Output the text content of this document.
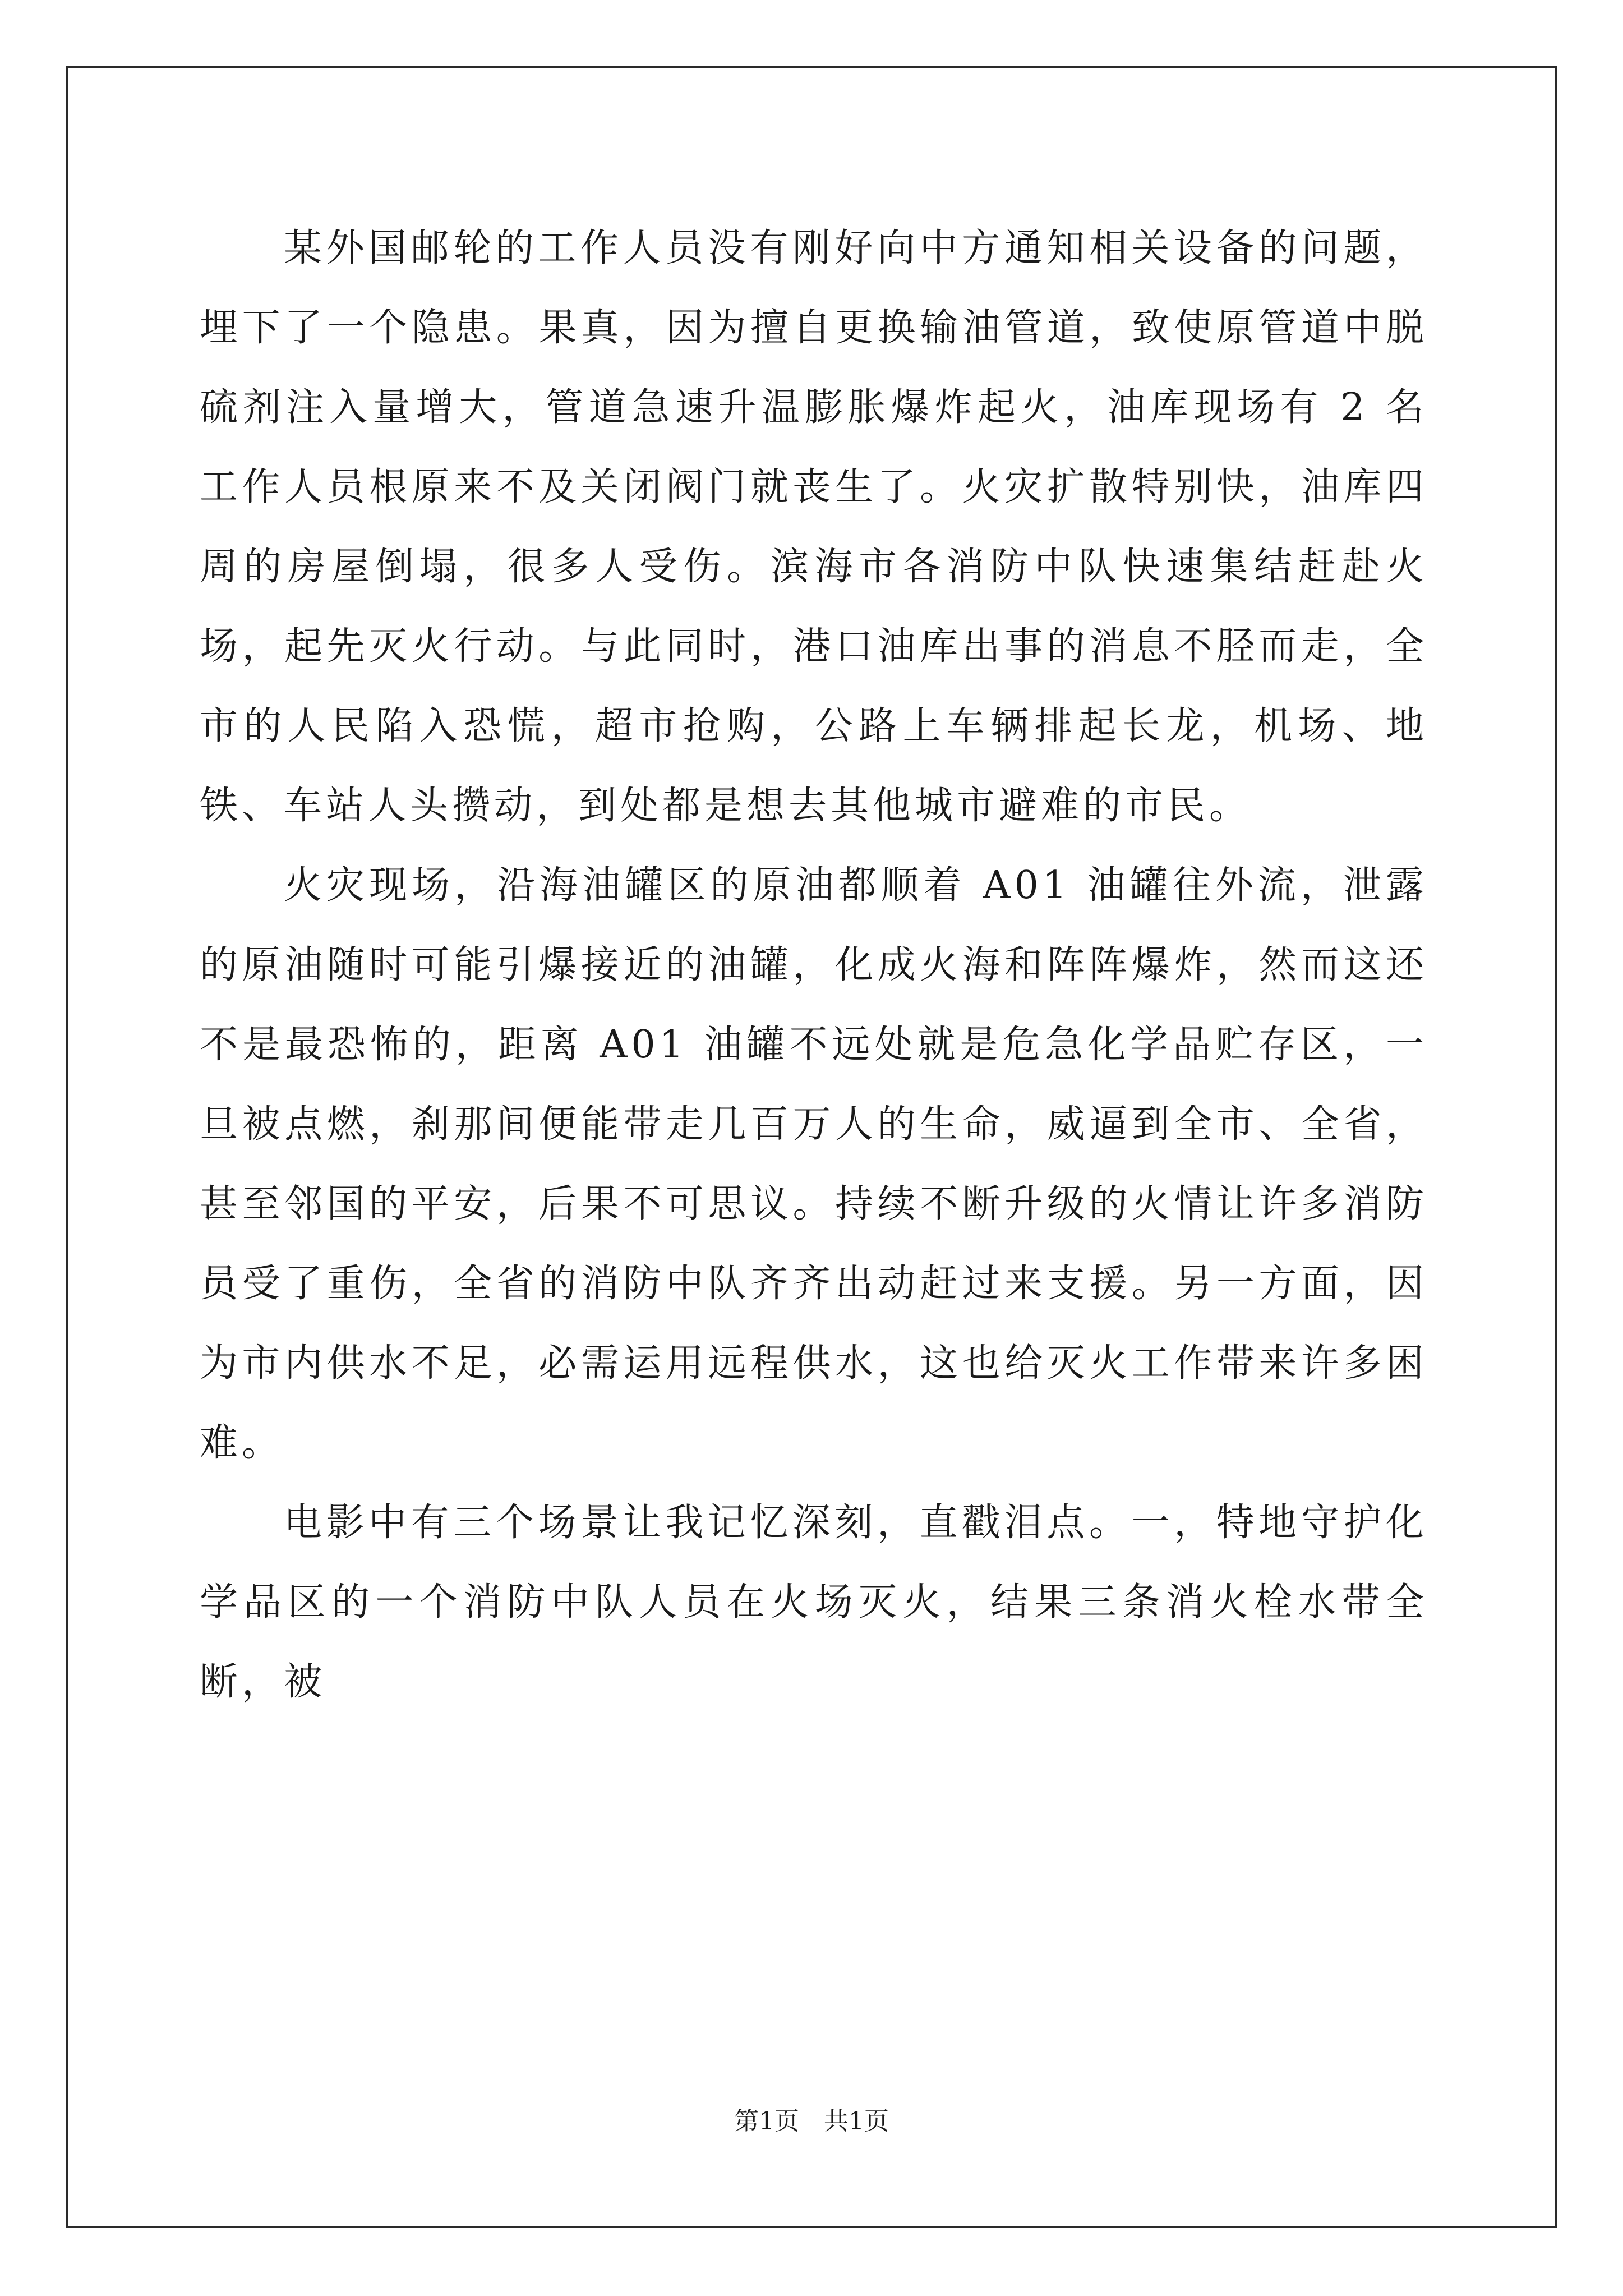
某外国邮轮的工作人员没有刚好向中方通知相关设备的问题，埋下了一个隐患。果真，因为擅自更换输油管道，致使原管道中脱硫剂注入量增大，管道急速升温膨胀爆炸起火，油库现场有 2 名工作人员根原来不及关闭阀门就丧生了。火灾扩散特别快，油库四周的房屋倒塌，很多人受伤。滨海市各消防中队快速集结赶赴火场，起先灭火行动。与此同时，港口油库出事的消息不胫而走，全市的人民陷入恐慌，超市抢购，公路上车辆排起长龙，机场、地铁、车站人头攒动，到处都是想去其他城市避难的市民。

火灾现场，沿海油罐区的原油都顺着 A01 油罐往外流，泄露的原油随时可能引爆接近的油罐，化成火海和阵阵爆炸，然而这还不是最恐怖的，距离 A01 油罐不远处就是危急化学品贮存区，一旦被点燃，刹那间便能带走几百万人的生命，威逼到全市、全省，甚至邻国的平安，后果不可思议。持续不断升级的火情让许多消防员受了重伤，全省的消防中队齐齐出动赶过来支援。另一方面，因为市内供水不足，必需运用远程供水，这也给灭火工作带来许多困难。

电影中有三个场景让我记忆深刻，直戳泪点。一，特地守护化学品区的一个消防中队人员在火场灭火，结果三条消火栓水带全断，被

第1页　共1页
